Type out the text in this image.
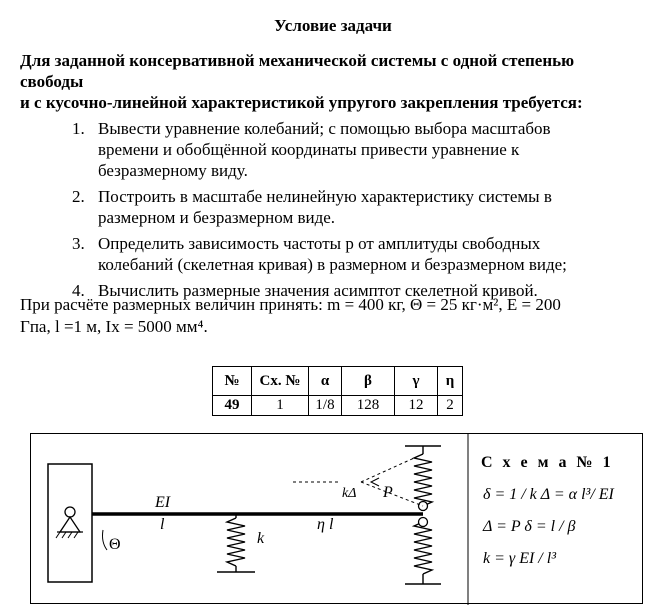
Условие задачи
Для заданной консервативной механической системы с одной степенью
свободы
и с кусочно-линейной характеристикой упругого закрепления требуется:
1. Вывести уравнение колебаний; с помощью выбора масштабов
времени и обобщённой координаты привести уравнение к
безразмерному виду.
2. Построить в масштабе нелинейную характеристику системы в
размерном и безразмерном виде.
3. Определить зависимость частоты p от амплитуды свободных
колебаний (скелетная кривая) в размерном и безразмерном виде;
4. Вычислить размерные значения асимптот скелетной кривой.
При расчёте размерных величин принять: m = 400 кг, Θ = 25 кг·м², E = 200
Гпа, l =1 м, Ix = 5000 мм⁴.
№	Сх. №	α	β	γ	η
49	1	1/8	128	12	2
EI
l	η l
k
Θ
kΔ P
С х е м а № 1
δ = 1 / k Δ = α l³/ EI
Δ = P δ = l / β
k = γ EI / l³
